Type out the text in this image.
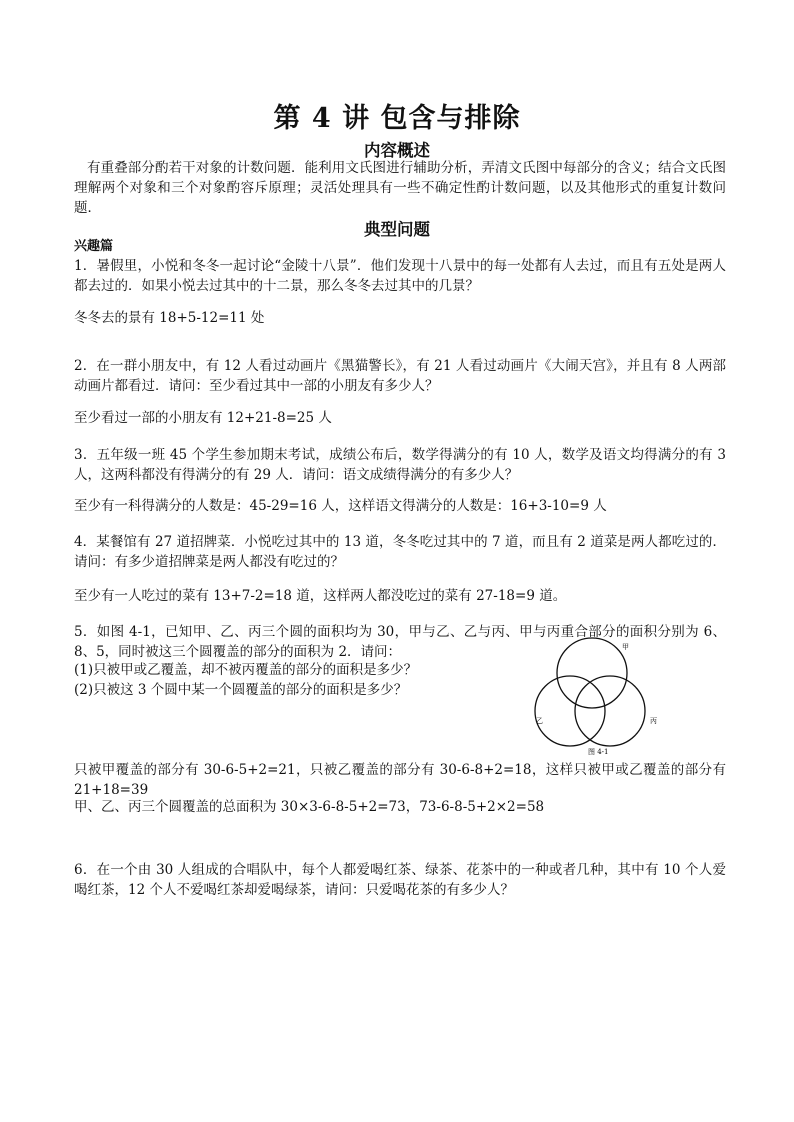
第 4 讲 包含与排除
内容概述
有重叠部分酌若干对象的计数问题．能利用文氏图进行辅助分析，弄清文氏图中每部分的含义；结合文氏图理解两个对象和三个对象酌容斥原理；灵活处理具有一些不确定性酌计数问题，以及其他形式的重复计数问题．
典型问题
兴趣篇
1．暑假里，小悦和冬冬一起讨论“金陵十八景”．他们发现十八景中的每一处都有人去过，而且有五处是两人都去过的．如果小悦去过其中的十二景，那么冬冬去过其中的几景？
冬冬去的景有 18+5-12=11 处
2．在一群小朋友中，有 12 人看过动画片《黑猫警长》，有 21 人看过动画片《大闹天宫》，并且有 8 人两部动画片都看过．请问：至少看过其中一部的小朋友有多少人？
至少看过一部的小朋友有 12+21-8=25 人
3．五年级一班 45 个学生参加期末考试，成绩公布后，数学得满分的有 10 人，数学及语文均得满分的有 3 人，这两科都没有得满分的有 29 人．请问：语文成绩得满分的有多少人？
至少有一科得满分的人数是：45-29=16 人，这样语文得满分的人数是：16+3-10=9 人
4．某餐馆有 27 道招牌菜．小悦吃过其中的 13 道，冬冬吃过其中的 7 道，而且有 2 道菜是两人都吃过的．请问：有多少道招牌菜是两人都没有吃过的？
至少有一人吃过的菜有 13+7-2=18 道，这样两人都没吃过的菜有 27-18=9 道。
5．如图 4-1，已知甲、乙、丙三个圆的面积均为 30，甲与乙、乙与丙、甲与丙重合部分的面积分别为 6、8、5，同时被这三个圆覆盖的部分的面积为 2．请问：
(1)只被甲或乙覆盖，却不被丙覆盖的部分的面积是多少？
(2)只被这 3 个圆中某一个圆覆盖的部分的面积是多少？
甲
乙	丙
图 4-1
只被甲覆盖的部分有 30-6-5+2=21，只被乙覆盖的部分有 30-6-8+2=18，这样只被甲或乙覆盖的部分有 21+18=39
甲、乙、丙三个圆覆盖的总面积为 30×3-6-8-5+2=73，73-6-8-5+2×2=58
6．在一个由 30 人组成的合唱队中，每个人都爱喝红茶、绿茶、花茶中的一种或者几种，其中有 10 个人爱喝红茶，12 个人不爱喝红茶却爱喝绿茶，请问：只爱喝花茶的有多少人？
